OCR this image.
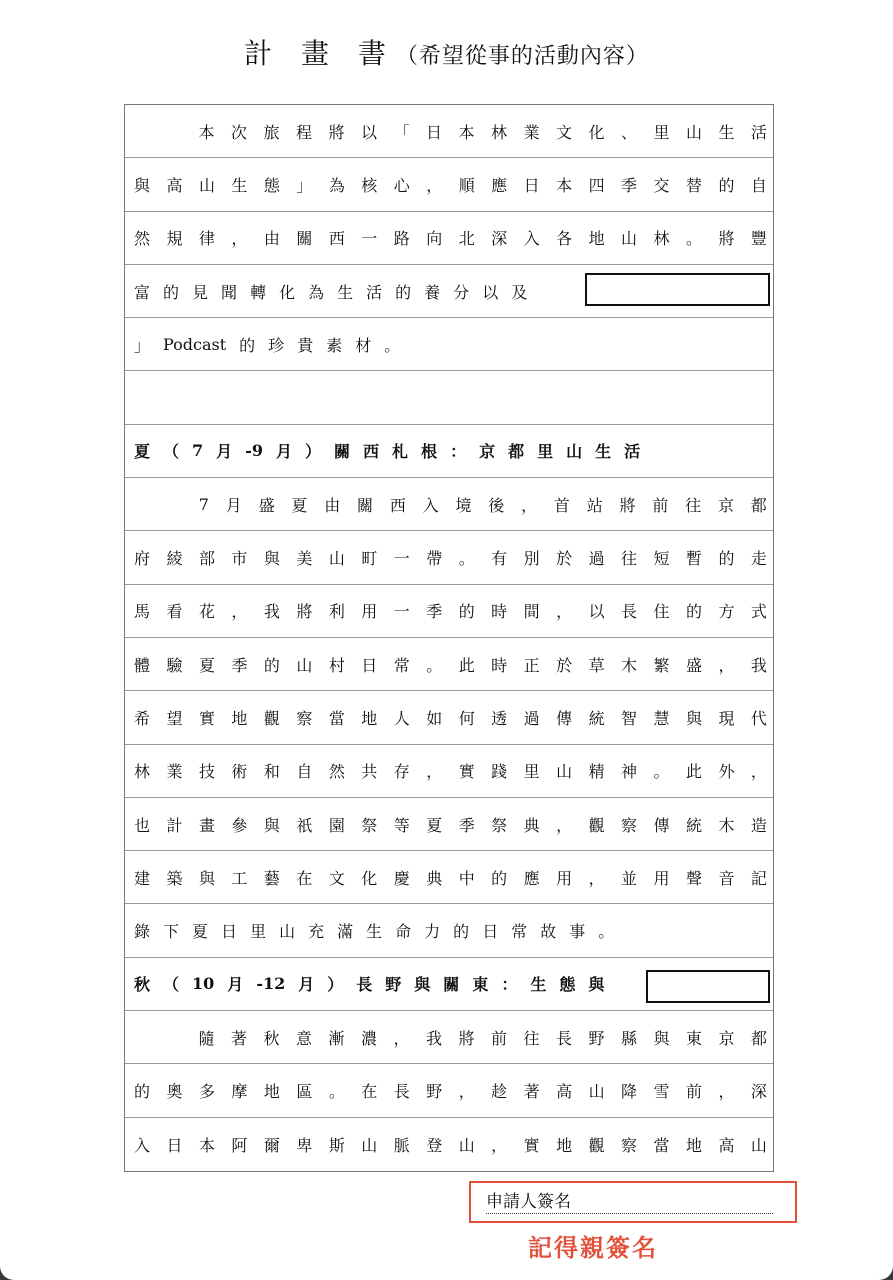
計 畫 書（希望從事的活動內容）
本 次 旅 程 將 以 「 日 本 林 業 文 化 、 里 山 生 活
與 高 山 生 態 」 為 核 心 ， 順 應 日 本 四 季 交 替 的 自
然 規 律 ， 由 關 西 一 路 向 北 深 入 各 地 山 林 。 將 豐
富 的 見 聞 轉 化 為 生 活 的 養 分 以 及
」 Podcast 的 珍 貴 素 材 。
夏 （ 7 月 -9 月 ） 關 西 札 根 ： 京 都 里 山 生 活
7 月 盛 夏 由 關 西 入 境 後 ， 首 站 將 前 往 京 都
府 綾 部 市 與 美 山 町 一 帶 。 有 別 於 過 往 短 暫 的 走
馬 看 花 ， 我 將 利 用 一 季 的 時 間 ， 以 長 住 的 方 式
體 驗 夏 季 的 山 村 日 常 。 此 時 正 於 草 木 繁 盛 ， 我
希 望 實 地 觀 察 當 地 人 如 何 透 過 傳 統 智 慧 與 現 代
林 業 技 術 和 自 然 共 存 ， 實 踐 里 山 精 神 。 此 外 ，
也 計 畫 參 與 祇 園 祭 等 夏 季 祭 典 ， 觀 察 傳 統 木 造
建 築 與 工 藝 在 文 化 慶 典 中 的 應 用 ， 並 用 聲 音 記
錄 下 夏 日 里 山 充 滿 生 命 力 的 日 常 故 事 。
秋 （ 10 月 -12 月 ） 長 野 與 關 東 ： 生 態 與
隨 著 秋 意 漸 濃 ， 我 將 前 往 長 野 縣 與 東 京 都
的 奧 多 摩 地 區 。 在 長 野 ， 趁 著 高 山 降 雪 前 ， 深
入 日 本 阿 爾 卑 斯 山 脈 登 山 ， 實 地 觀 察 當 地 高 山
申請人簽名
記得親簽名
